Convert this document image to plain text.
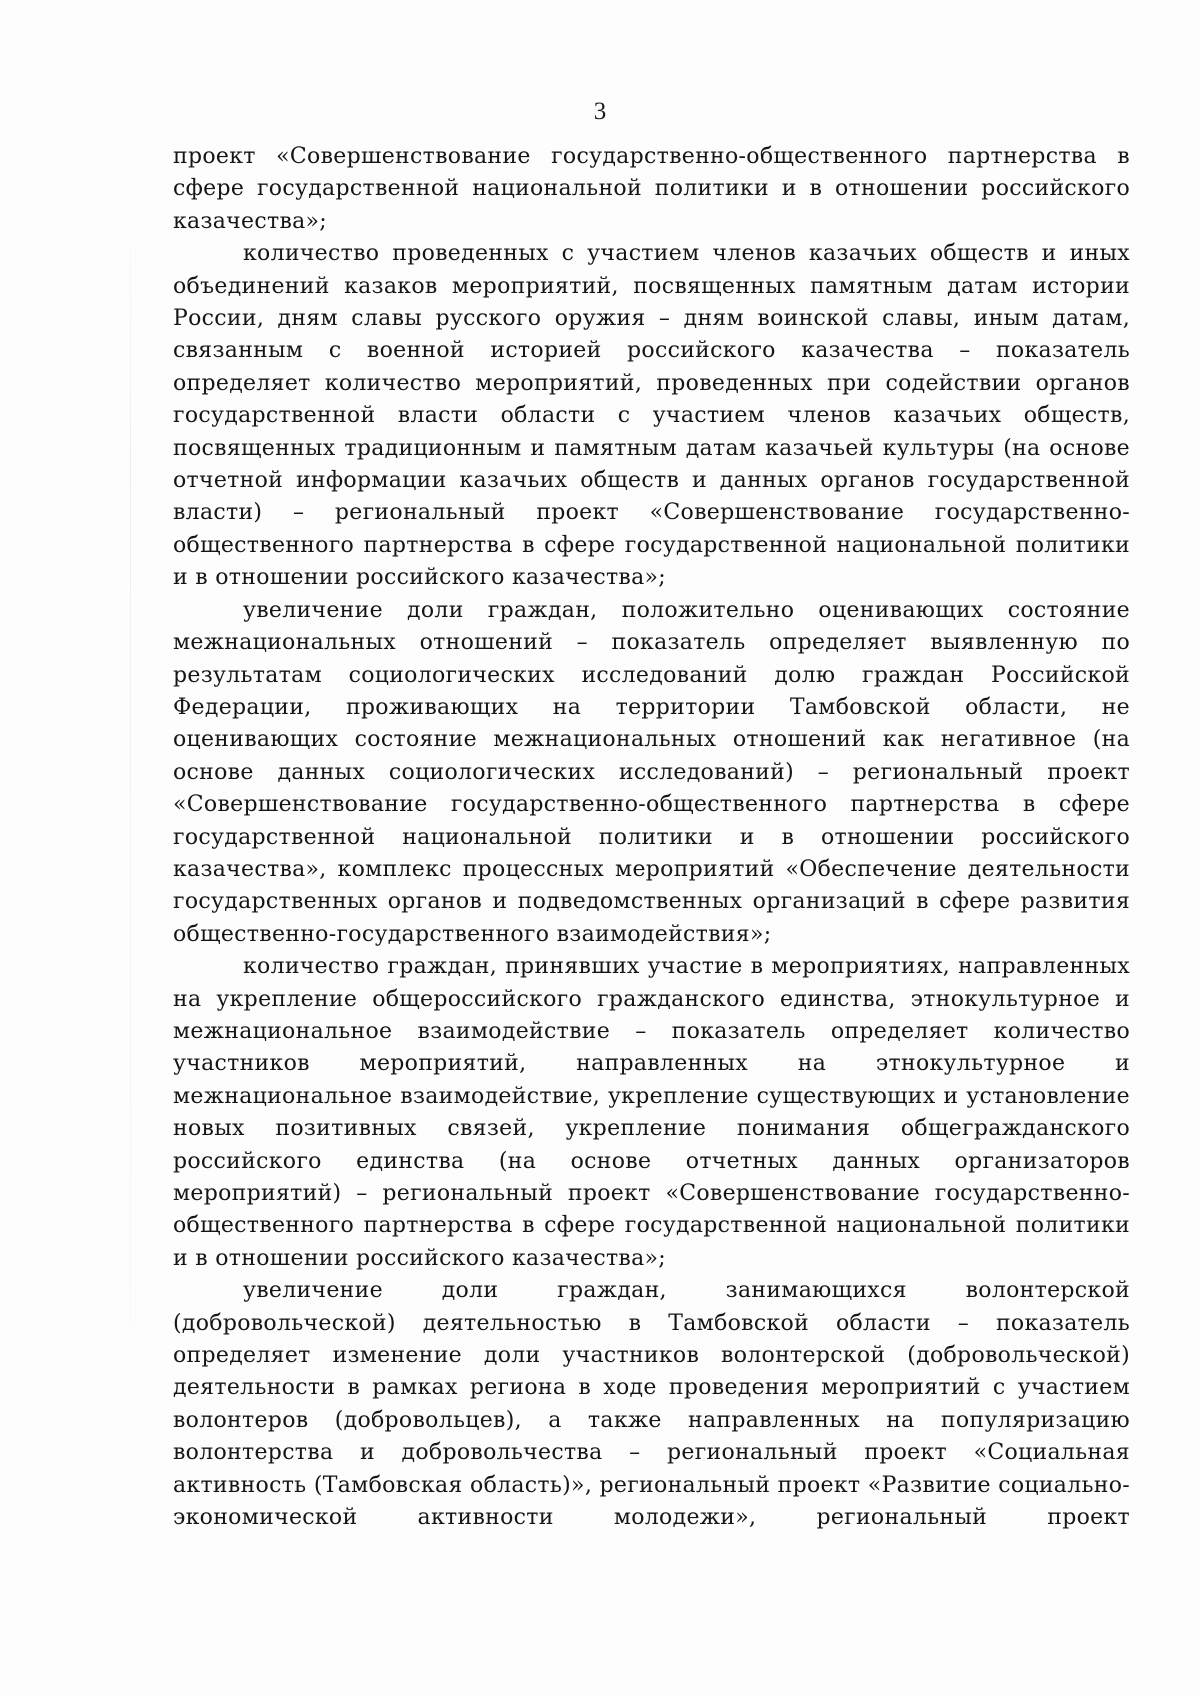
3

проект «Совершенствование государственно-общественного партнерства в сфере государственной национальной политики и в отношении российского казачества»;

количество проведенных с участием членов казачьих обществ и иных объединений казаков мероприятий, посвященных памятным датам истории России, дням славы русского оружия – дням воинской славы, иным датам, связанным с военной историей российского казачества – показатель определяет количество мероприятий, проведенных при содействии органов государственной власти области с участием членов казачьих обществ, посвященных традиционным и памятным датам казачьей культуры (на основе отчетной информации казачьих обществ и данных органов государственной власти) – региональный проект «Совершенствование государственно-общественного партнерства в сфере государственной национальной политики и в отношении российского казачества»;

увеличение доли граждан, положительно оценивающих состояние межнациональных отношений – показатель определяет выявленную по результатам социологических исследований долю граждан Российской Федерации, проживающих на территории Тамбовской области, не оценивающих состояние межнациональных отношений как негативное (на основе данных социологических исследований) – региональный проект «Совершенствование государственно-общественного партнерства в сфере государственной национальной политики и в отношении российского казачества», комплекс процессных мероприятий «Обеспечение деятельности государственных органов и подведомственных организаций в сфере развития общественно-государственного взаимодействия»;

количество граждан, принявших участие в мероприятиях, направленных на укрепление общероссийского гражданского единства, этнокультурное и межнациональное взаимодействие – показатель определяет количество участников мероприятий, направленных на этнокультурное и межнациональное взаимодействие, укрепление существующих и установление новых позитивных связей, укрепление понимания общегражданского российского единства (на основе отчетных данных организаторов мероприятий) – региональный проект «Совершенствование государственно-общественного партнерства в сфере государственной национальной политики и в отношении российского казачества»;

увеличение доли граждан, занимающихся волонтерской (добровольческой) деятельностью в Тамбовской области – показатель определяет изменение доли участников волонтерской (добровольческой) деятельности в рамках региона в ходе проведения мероприятий с участием волонтеров (добровольцев), а также направленных на популяризацию волонтерства и добровольчества – региональный проект «Социальная активность (Тамбовская область)», региональный проект «Развитие социально-экономической активности молодежи», региональный проект
